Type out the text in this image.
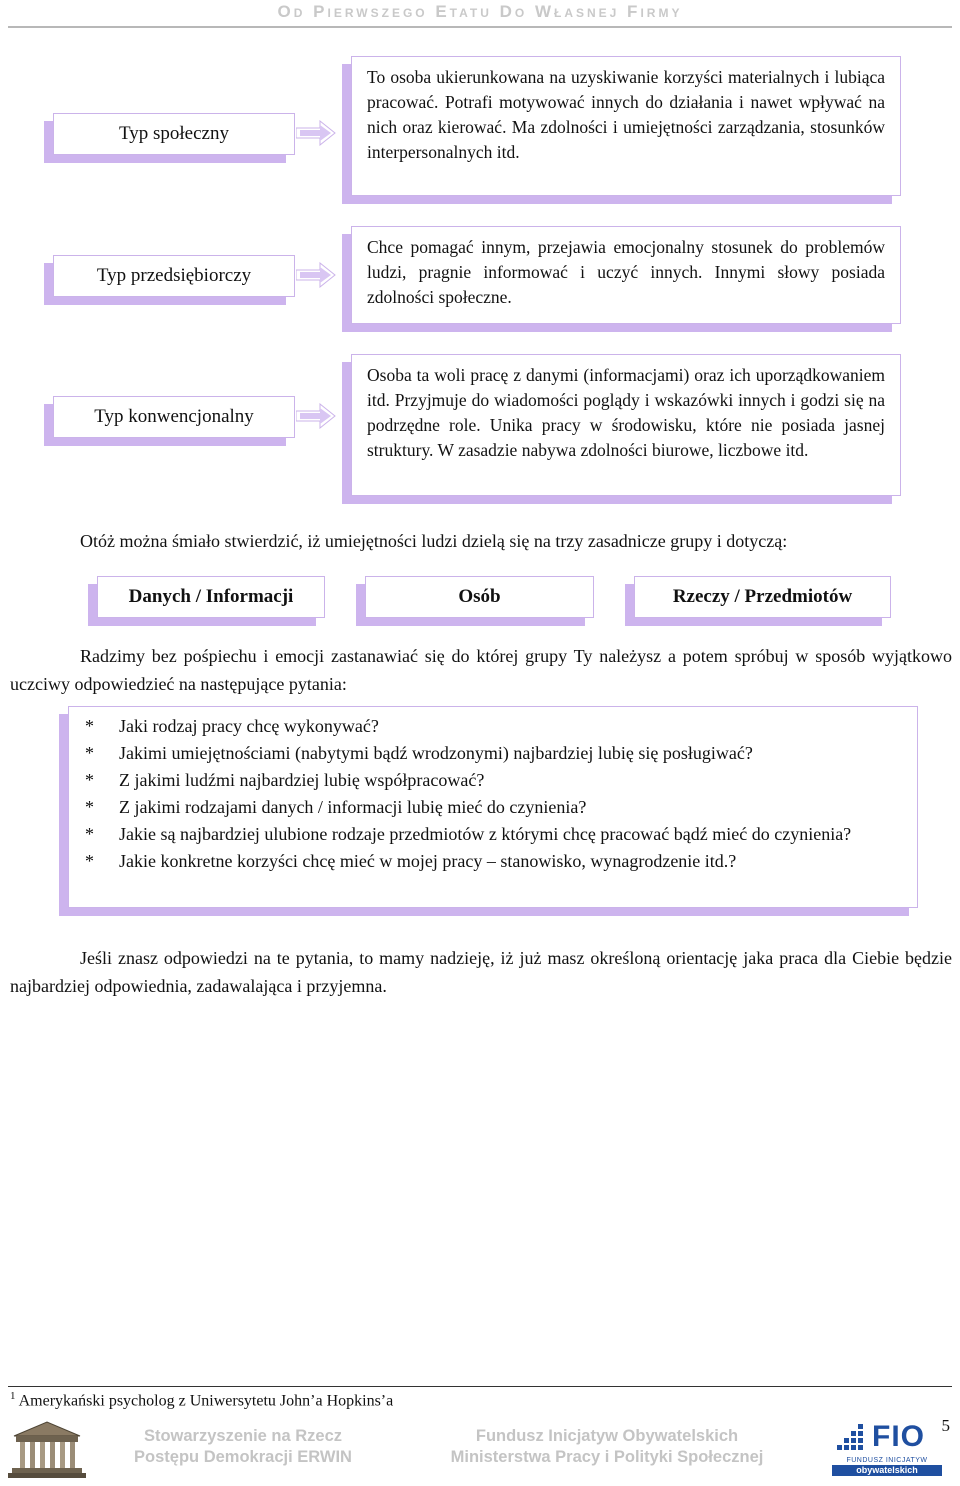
Od Pierwszego Etatu Do Własnej Firmy
Typ społeczny
To osoba ukierunkowana na uzyskiwanie korzyści materialnych i lubiąca pracować. Potrafi motywować innych do działania i nawet wpływać na nich oraz kierować. Ma zdolności i umiejętności zarządzania, stosunków interpersonalnych itd.
Typ przedsiębiorczy
Chce pomagać innym, przejawia emocjonalny stosunek do problemów ludzi, pragnie informować i uczyć innych. Innymi słowy posiada zdolności społeczne.
Typ konwencjonalny
Osoba ta woli pracę z danymi (informacjami) oraz ich uporządkowaniem itd. Przyjmuje do wiadomości poglądy i wskazówki innych i godzi się na podrzędne role. Unika pracy w środowisku, które nie posiada jasnej struktury. W zasadzie nabywa zdolności biurowe, liczbowe itd.
Otóż można śmiało stwierdzić, iż umiejętności ludzi dzielą się na trzy zasadnicze grupy i dotyczą:
Danych / Informacji	Osób	Rzeczy / Przedmiotów
Radzimy bez pośpiechu i emocji zastanawiać się do której grupy Ty należysz a potem spróbuj w sposób wyjątkowo uczciwy odpowiedzieć na następujące pytania:
*	Jaki rodzaj pracy chcę wykonywać?
*	Jakimi umiejętnościami (nabytymi bądź wrodzonymi) najbardziej lubię się posługiwać?
*	Z jakimi ludźmi najbardziej lubię współpracować?
*	Z jakimi rodzajami danych / informacji lubię mieć do czynienia?
*	Jakie są najbardziej ulubione rodzaje przedmiotów z którymi chcę pracować bądź mieć do czynienia?
*	Jakie konkretne korzyści chcę mieć w mojej pracy – stanowisko, wynagrodzenie itd.?
Jeśli znasz odpowiedzi na te pytania, to mamy nadzieję, iż już masz określoną orientację jaka praca dla Ciebie będzie najbardziej odpowiednia, zadawalająca i przyjemna.
$^1$ Amerykański psycholog z Uniwersytetu John’a Hopkins’a
5
Stowarzyszenie na Rzecz
Postępu Demokracji ERWIN
Fundusz Inicjatyw Obywatelskich
Ministerstwa Pracy i Polityki Społecznej
FIO
FUNDUSZ INICJATYW
obywatelskich
